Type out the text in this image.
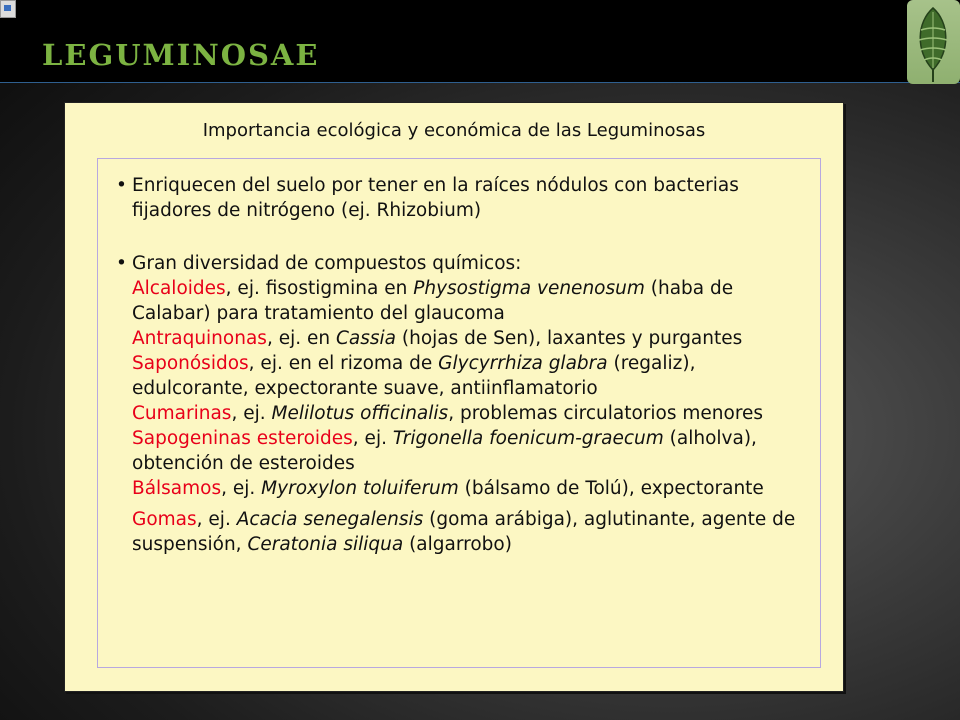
LEGUMINOSAE
Importancia ecológica y económica de las Leguminosas
• Enriquecen del suelo por tener en la raíces nódulos con bacterias fijadores de nitrógeno (ej. Rhizobium)
• Gran diversidad de compuestos químicos:
Alcaloides, ej. fisostigmina en Physostigma venenosum (haba de Calabar) para tratamiento del glaucoma
Antraquinonas, ej. en Cassia (hojas de Sen), laxantes y purgantes
Saponósidos, ej. en el rizoma de Glycyrrhiza glabra (regaliz), edulcorante, expectorante suave, antiinflamatorio
Cumarinas, ej. Melilotus officinalis, problemas circulatorios menores
Sapogeninas esteroides, ej. Trigonella foenicum-graecum (alholva), obtención de esteroides
Bálsamos, ej. Myroxylon toluiferum (bálsamo de Tolú), expectorante
Gomas, ej. Acacia senegalensis (goma arábiga), aglutinante, agente de suspensión, Ceratonia siliqua (algarrobo)
